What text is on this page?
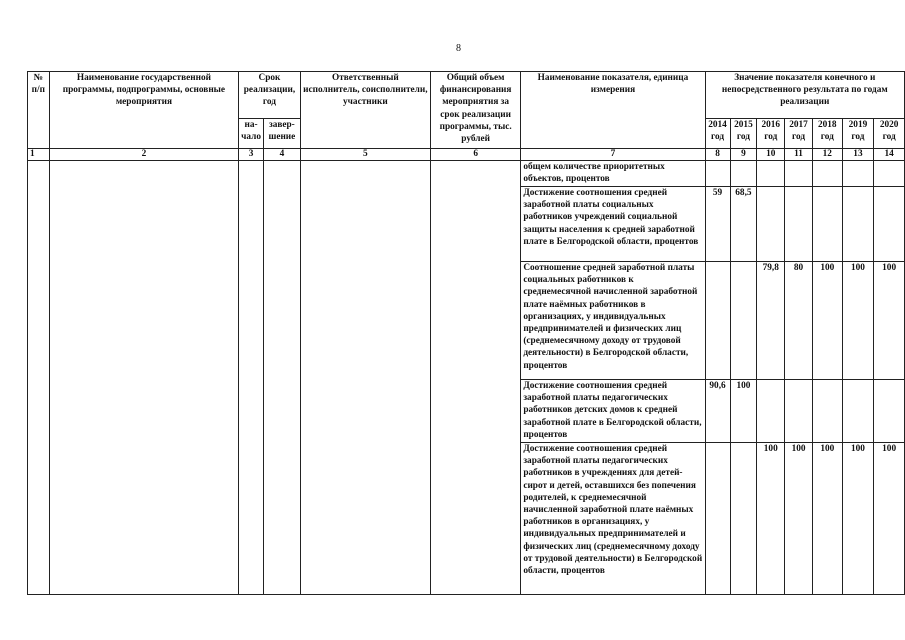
8
№ п/п	Наименование государственной программы, подпрограммы, основные мероприятия	Срок реализации, год		Ответственный исполнитель, соисполнители, участники	Общий объем финансирования мероприятия за срок реализации программы, тыс. рублей	Наименование показателя, единица измерения	Значение показателя конечного и непосредственного результата по годам реализации						
		на-чало	завер-шение				2014 год	2015 год	2016 год	2017 год	2018 год	2019 год	2020 год
1	2	3	4	5	6	7	8	9	10	11	12	13	14
						общем количестве приоритетных объектов, процентов							
						Достижение соотношения средней заработной платы социальных работников учреждений социальной защиты населения к средней заработной плате в Белгородской области, процентов	59	68,5					
						Соотношение средней заработной платы социальных работников к среднемесячной начисленной заработной плате наёмных работников в организациях, у индивидуальных предпринимателей и физических лиц (среднемесячному доходу от трудовой деятельности) в Белгородской области, процентов			79,8	80	100	100	100
						Достижение соотношения средней заработной платы педагогических работников детских домов к средней заработной плате в Белгородской области, процентов	90,6	100					
						Достижение соотношения средней заработной платы педагогических работников в учреждениях для детей-сирот и детей, оставшихся без попечения родителей, к среднемесячной начисленной заработной плате наёмных работников в организациях, у индивидуальных предпринимателей и физических лиц (среднемесячному доходу от трудовой деятельности) в Белгородской области, процентов			100	100	100	100	100
